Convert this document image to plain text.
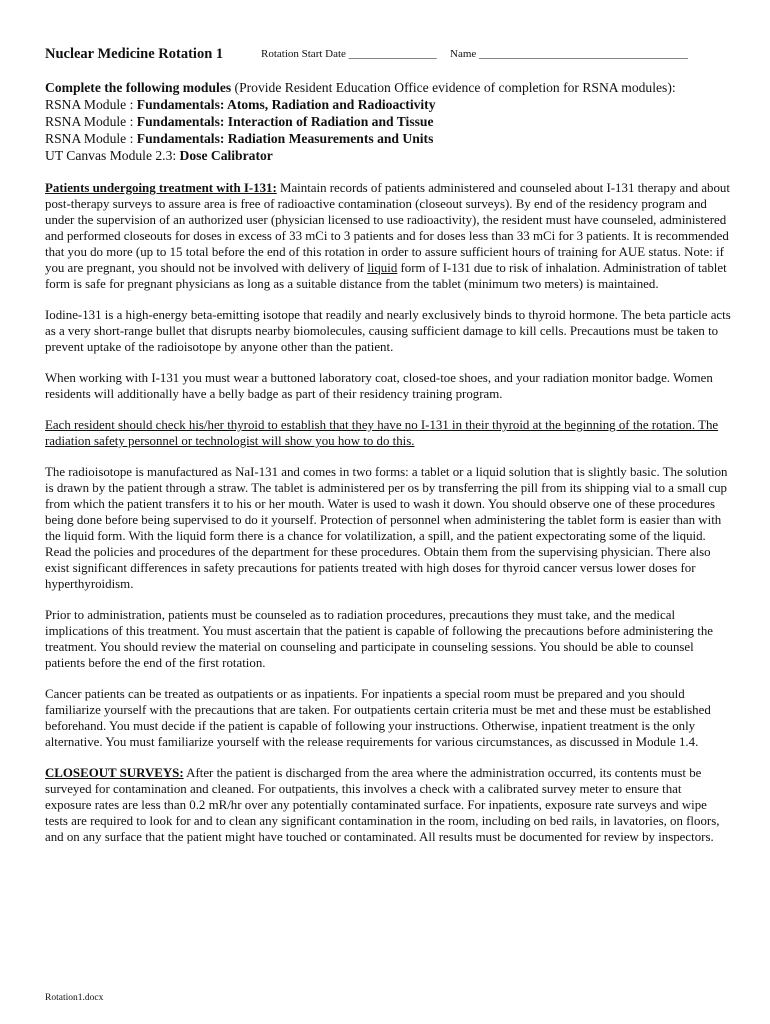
Nuclear Medicine Rotation 1	Rotation Start Date ________________ Name ______________________________________
Complete the following modules (Provide Resident Education Office evidence of completion for RSNA modules):
RSNA Module : Fundamentals: Atoms, Radiation and Radioactivity
RSNA Module : Fundamentals: Interaction of Radiation and Tissue
RSNA Module : Fundamentals: Radiation Measurements and Units
UT Canvas Module 2.3: Dose Calibrator

Patients undergoing treatment with I-131: Maintain records of patients administered and counseled about I-131 therapy and about post-therapy surveys to assure area is free of radioactive contamination (closeout surveys). By end of the residency program and under the supervision of an authorized user (physician licensed to use radioactivity), the resident must have counseled, administered and performed closeouts for doses in excess of 33 mCi to 3 patients and for doses less than 33 mCi for 3 patients. It is recommended that you do more (up to 15 total before the end of this rotation in order to assure sufficient hours of training for AUE status. Note: if you are pregnant, you should not be involved with delivery of liquid form of I-131 due to risk of inhalation. Administration of tablet form is safe for pregnant physicians as long as a suitable distance from the tablet (minimum two meters) is maintained.

Iodine-131 is a high-energy beta-emitting isotope that readily and nearly exclusively binds to thyroid hormone. The beta particle acts as a very short-range bullet that disrupts nearby biomolecules, causing sufficient damage to kill cells. Precautions must be taken to prevent uptake of the radioisotope by anyone other than the patient.

When working with I-131 you must wear a buttoned laboratory coat, closed-toe shoes, and your radiation monitor badge. Women residents will additionally have a belly badge as part of their residency training program.

Each resident should check his/her thyroid to establish that they have no I-131 in their thyroid at the beginning of the rotation. The radiation safety personnel or technologist will show you how to do this.

The radioisotope is manufactured as NaI-131 and comes in two forms: a tablet or a liquid solution that is slightly basic. The solution is drawn by the patient through a straw. The tablet is administered per os by transferring the pill from its shipping vial to a small cup from which the patient transfers it to his or her mouth. Water is used to wash it down. You should observe one of these procedures being done before being supervised to do it yourself. Protection of personnel when administering the tablet form is easier than with the liquid form. With the liquid form there is a chance for volatilization, a spill, and the patient expectorating some of the liquid. Read the policies and procedures of the department for these procedures. Obtain them from the supervising physician. There also exist significant differences in safety precautions for patients treated with high doses for thyroid cancer versus lower doses for hyperthyroidism.

Prior to administration, patients must be counseled as to radiation procedures, precautions they must take, and the medical implications of this treatment. You must ascertain that the patient is capable of following the precautions before administering the treatment. You should review the material on counseling and participate in counseling sessions. You should be able to counsel patients before the end of the first rotation.

Cancer patients can be treated as outpatients or as inpatients. For inpatients a special room must be prepared and you should familiarize yourself with the precautions that are taken. For outpatients certain criteria must be met and these must be established beforehand. You must decide if the patient is capable of following your instructions. Otherwise, inpatient treatment is the only alternative. You must familiarize yourself with the release requirements for various circumstances, as discussed in Module 1.4.

CLOSEOUT SURVEYS: After the patient is discharged from the area where the administration occurred, its contents must be surveyed for contamination and cleaned. For outpatients, this involves a check with a calibrated survey meter to ensure that exposure rates are less than 0.2 mR/hr over any potentially contaminated surface. For inpatients, exposure rate surveys and wipe tests are required to look for and to clean any significant contamination in the room, including on bed rails, in lavatories, on floors, and on any surface that the patient might have touched or contaminated. All results must be documented for review by inspectors.

Rotation1.docx
